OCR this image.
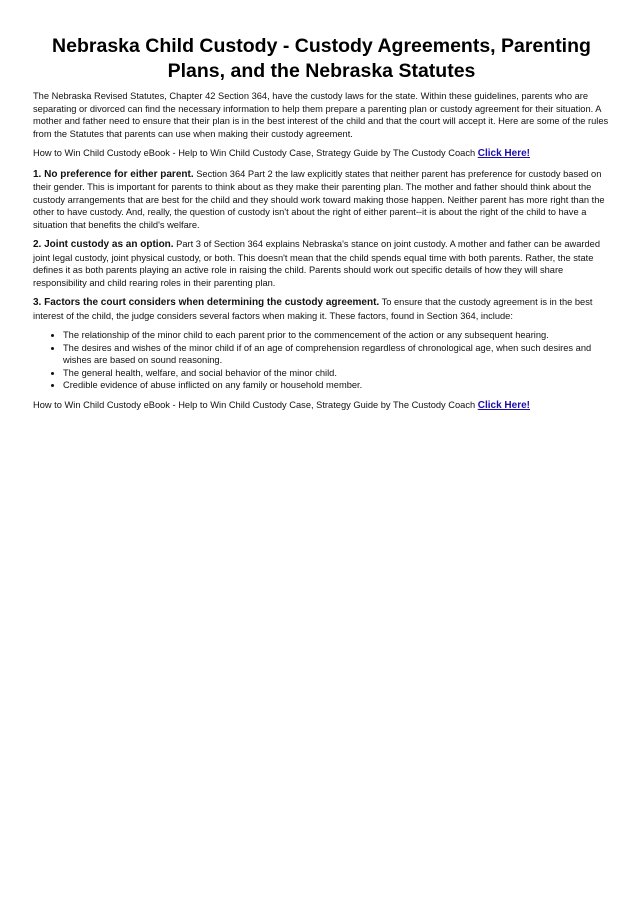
Nebraska Child Custody - Custody Agreements, Parenting Plans, and the Nebraska Statutes

The Nebraska Revised Statutes, Chapter 42 Section 364, have the custody laws for the state. Within these guidelines, parents who are separating or divorced can find the necessary information to help them prepare a parenting plan or custody agreement for their situation. A mother and father need to ensure that their plan is in the best interest of the child and that the court will accept it. Here are some of the rules from the Statutes that parents can use when making their custody agreement.

How to Win Child Custody eBook - Help to Win Child Custody Case, Strategy Guide by The Custody Coach Click Here!

1. No preference for either parent. Section 364 Part 2 the law explicitly states that neither parent has preference for custody based on their gender. This is important for parents to think about as they make their parenting plan. The mother and father should think about the custody arrangements that are best for the child and they should work toward making those happen. Neither parent has more right than the other to have custody. And, really, the question of custody isn't about the right of either parent--it is about the right of the child to have a situation that benefits the child's welfare.

2. Joint custody as an option. Part 3 of Section 364 explains Nebraska's stance on joint custody. A mother and father can be awarded joint legal custody, joint physical custody, or both. This doesn't mean that the child spends equal time with both parents. Rather, the state defines it as both parents playing an active role in raising the child. Parents should work out specific details of how they will share responsibility and child rearing roles in their parenting plan.

3. Factors the court considers when determining the custody agreement. To ensure that the custody agreement is in the best interest of the child, the judge considers several factors when making it. These factors, found in Section 364, include:

• The relationship of the minor child to each parent prior to the commencement of the action or any subsequent hearing.
• The desires and wishes of the minor child if of an age of comprehension regardless of chronological age, when such desires and wishes are based on sound reasoning.
• The general health, welfare, and social behavior of the minor child.
• Credible evidence of abuse inflicted on any family or household member.

How to Win Child Custody eBook - Help to Win Child Custody Case, Strategy Guide by The Custody Coach Click Here!
